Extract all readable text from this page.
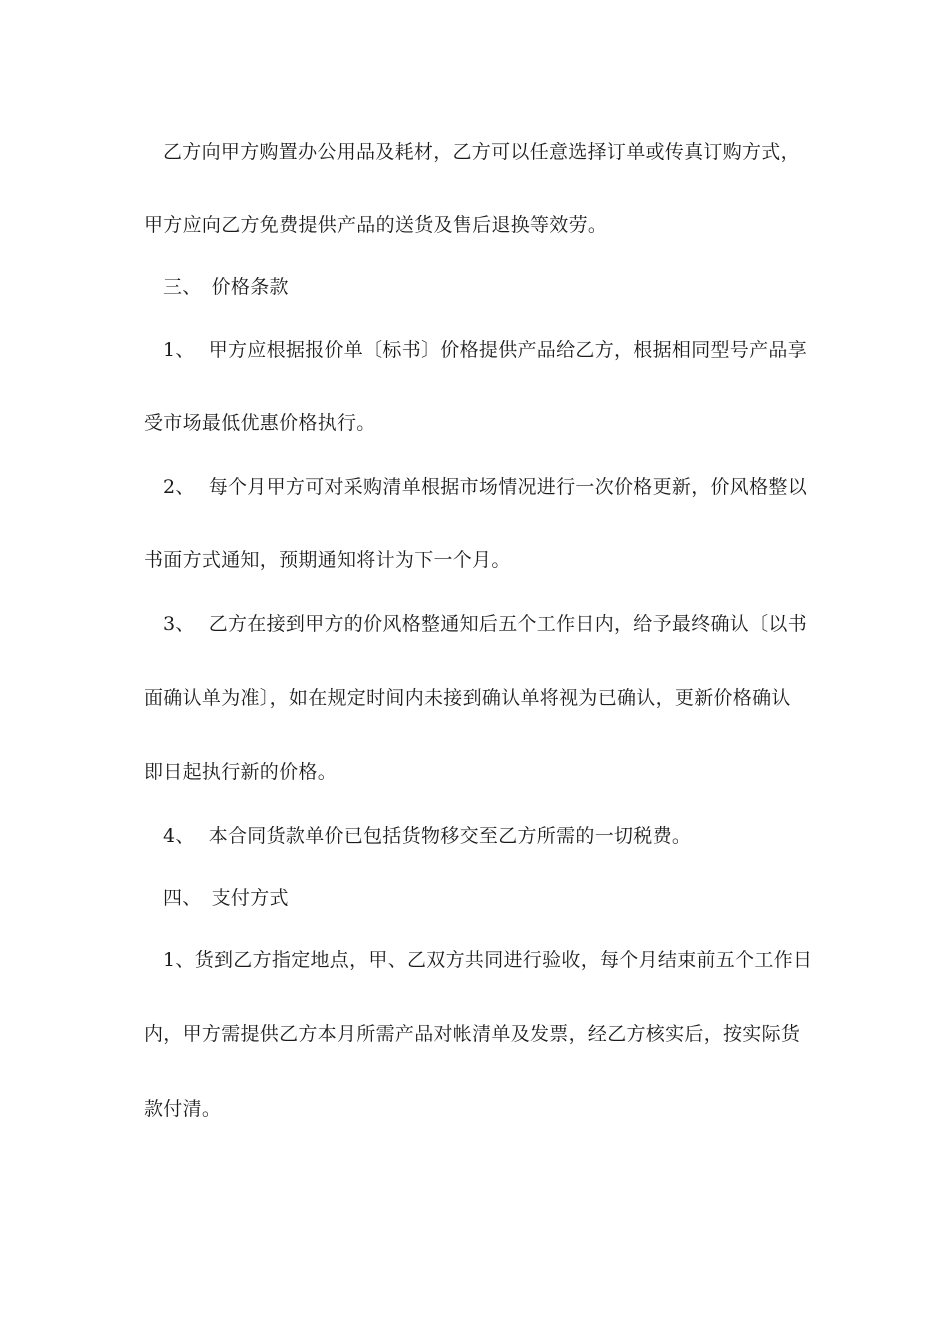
乙方向甲方购置办公用品及耗材，乙方可以任意选择订单或传真订购方式，
甲方应向乙方免费提供产品的送货及售后退换等效劳。
三、 价格条款
1、 甲方应根据报价单〔标书〕价格提供产品给乙方，根据相同型号产品享
受市场最低优惠价格执行。
2、 每个月甲方可对采购清单根据市场情况进行一次价格更新，价风格整以
书面方式通知，预期通知将计为下一个月。
3、 乙方在接到甲方的价风格整通知后五个工作日内，给予最终确认〔以书
面确认单为准〕，如在规定时间内未接到确认单将视为已确认，更新价格确认
即日起执行新的价格。
4、 本合同货款单价已包括货物移交至乙方所需的一切税费。
四、 支付方式
1、货到乙方指定地点，甲、乙双方共同进行验收，每个月结束前五个工作日
内，甲方需提供乙方本月所需产品对帐清单及发票，经乙方核实后，按实际货
款付清。
